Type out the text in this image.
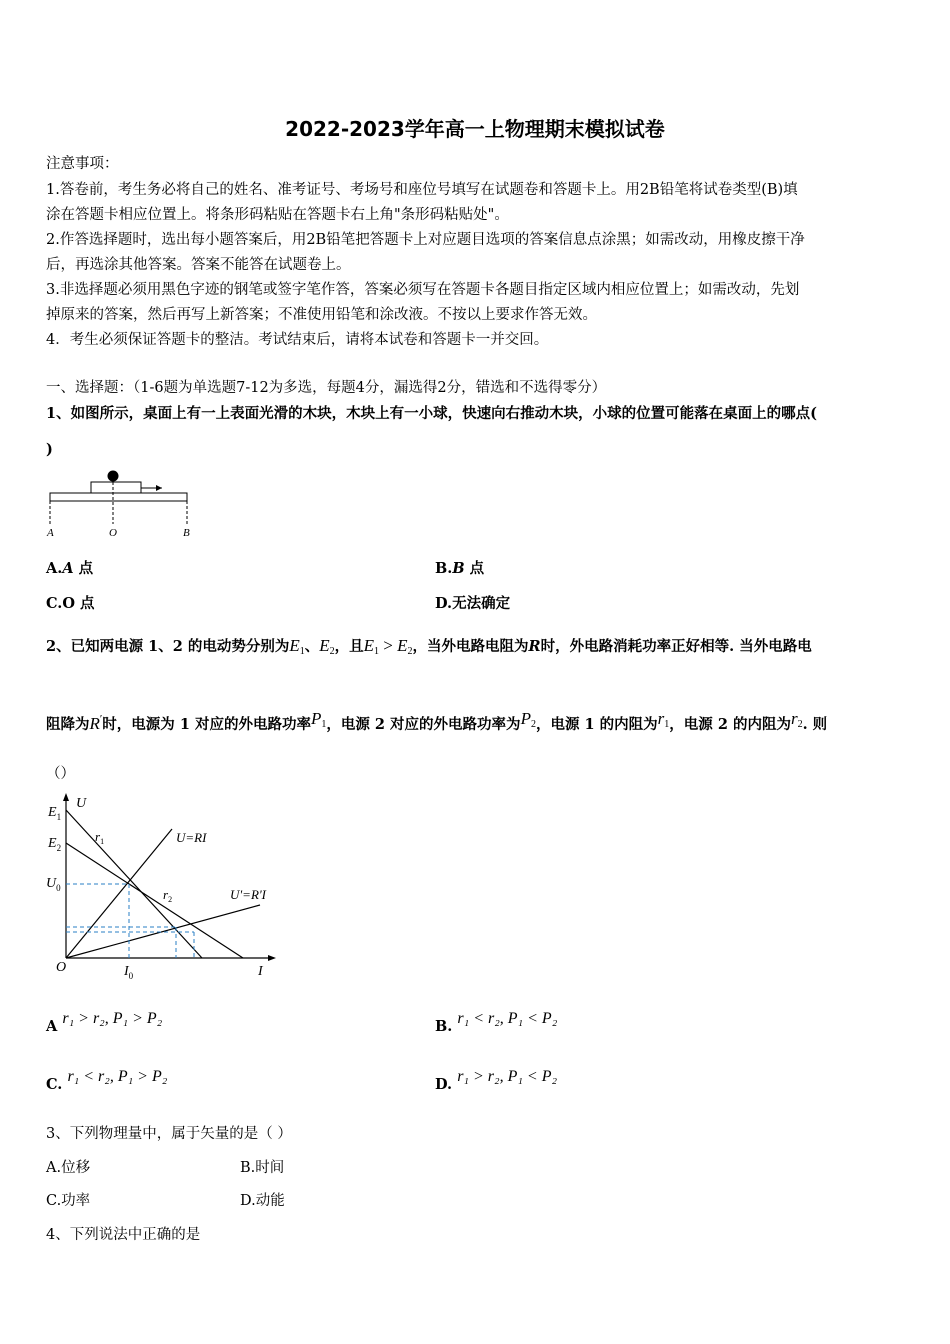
2022-2023学年高一上物理期末模拟试卷
注意事项：
1.答卷前，考生务必将自己的姓名、准考证号、考场号和座位号填写在试题卷和答题卡上。用2B铅笔将试卷类型(B)填
涂在答题卡相应位置上。将条形码粘贴在答题卡右上角"条形码粘贴处"。
2.作答选择题时，选出每小题答案后，用2B铅笔把答题卡上对应题目选项的答案信息点涂黑；如需改动，用橡皮擦干净
后，再选涂其他答案。答案不能答在试题卷上。
3.非选择题必须用黑色字迹的钢笔或签字笔作答，答案必须写在答题卡各题目指定区域内相应位置上；如需改动，先划
掉原来的答案，然后再写上新答案；不准使用铅笔和涂改液。不按以上要求作答无效。
4．考生必须保证答题卡的整洁。考试结束后，请将本试卷和答题卡一并交回。
一、选择题：（1-6题为单选题7-12为多选，每题4分，漏选得2分，错选和不选得零分）
1、如图所示，桌面上有一上表面光滑的木块，木块上有一小球，快速向右推动木块，小球的位置可能落在桌面上的哪点(
)
A	O	B
A.A 点	B.B 点
C.O 点	D.无法确定
2、已知两电源 1、2 的电动势分别为$E_1$、$E_2$，且$E_1 > E_2$，当外电路电阻为R时，外电路消耗功率正好相等. 当外电路电
阻降为R′时，电源为 1 对应的外电路功率$P_1$，电源 2 对应的外电路功率为$P_2$，电源 1 的内阻为$r_1$，电源 2 的内阻为$r_2$. 则
（）
U
I
O
$E_1$
$E_2$
$U_0$
$I_0$
$r_1$
$r_2$
U=RI
U'=R'I
A r₁ > r₂, P₁ > P₂	B. r₁ < r₂, P₁ < P₂
C. r₁ < r₂, P₁ > P₂	D. r₁ > r₂, P₁ < P₂
3、下列物理量中，属于矢量的是（ ）
A.位移	B.时间
C.功率	D.动能
4、下列说法中正确的是
